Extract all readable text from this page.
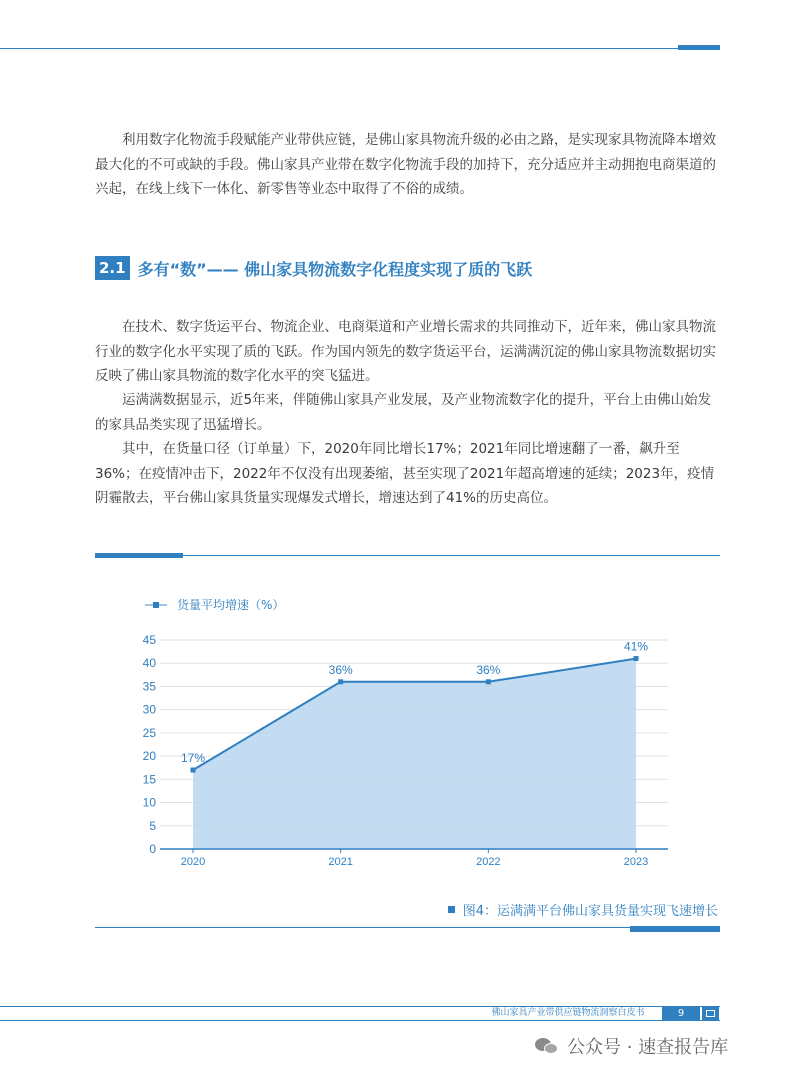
利用数字化物流手段赋能产业带供应链，是佛山家具物流升级的必由之路，是实现家具物流降本增效最大化的不可或缺的手段。佛山家具产业带在数字化物流手段的加持下，充分适应并主动拥抱电商渠道的兴起，在线上线下一体化、新零售等业态中取得了不俗的成绩。

2.1 多有“数”—— 佛山家具物流数字化程度实现了质的飞跃

在技术、数字货运平台、物流企业、电商渠道和产业增长需求的共同推动下，近年来，佛山家具物流行业的数字化水平实现了质的飞跃。作为国内领先的数字货运平台，运满满沉淀的佛山家具物流数据切实反映了佛山家具物流的数字化水平的突飞猛进。

运满满数据显示，近5年来，伴随佛山家具产业发展，及产业物流数字化的提升，平台上由佛山始发的家具品类实现了迅猛增长。

其中，在货量口径（订单量）下，2020年同比增长17%；2021年同比增速翻了一番，飙升至36%；在疫情冲击下，2022年不仅没有出现萎缩，甚至实现了2021年超高增速的延续；2023年，疫情阴霾散去，平台佛山家具货量实现爆发式增长，增速达到了41%的历史高位。

货量平均增速（%）
0
5
10
15
20
25
30
35
40
45
17%
2020
36%
2021
36%
2022
41%
2023
图4：运满满平台佛山家具货量实现飞速增长
佛山家具产业带供应链物流洞察白皮书	9
公众号 · 速查报告库
